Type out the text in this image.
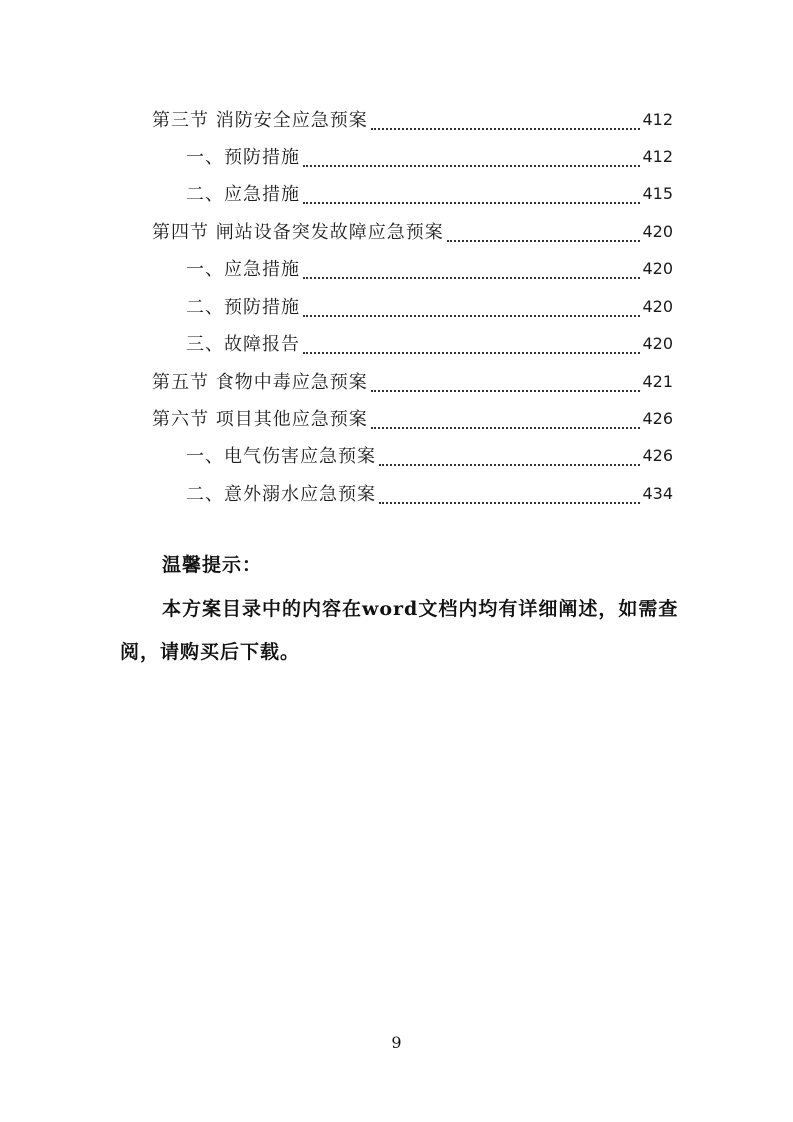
第三节 消防安全应急预案	412
一、预防措施	412
二、应急措施	415
第四节 闸站设备突发故障应急预案	420
一、应急措施	420
二、预防措施	420
三、故障报告	420
第五节 食物中毒应急预案	421
第六节 项目其他应急预案	426
一、电气伤害应急预案	426
二、意外溺水应急预案	434
温馨提示：
本方案目录中的内容在word文档内均有详细阐述，如需查阅，请购买后下载。
9
